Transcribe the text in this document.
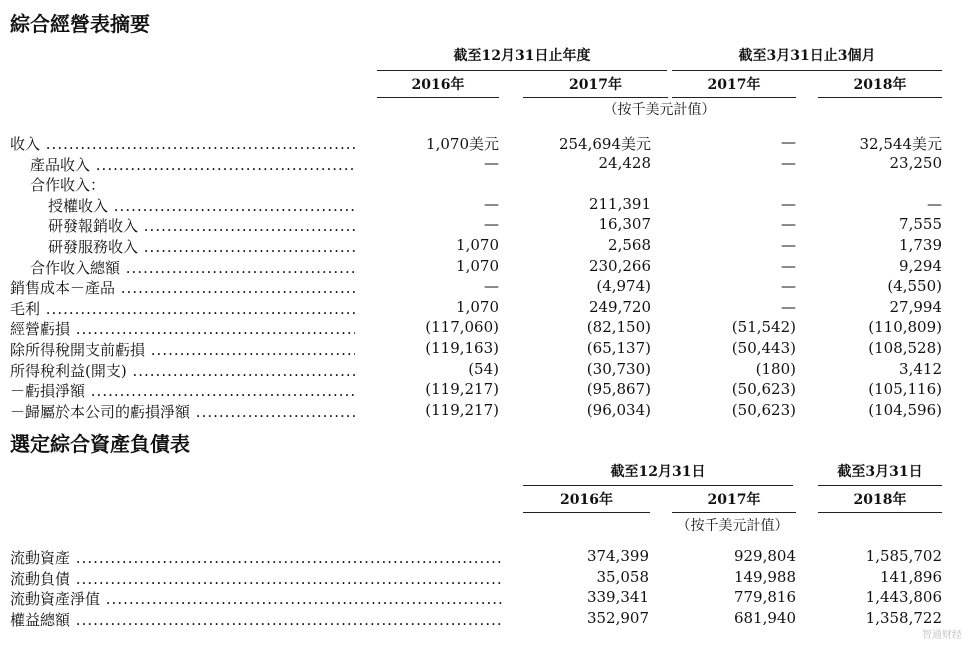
綜合經營表摘要
截至12月31日止年度	截至3月31日止3個月
2016年	2017年	2017年	2018年
（按千美元計值）
收入 .....	1,070美元	254,694美元	—	32,544美元
產品收入 .....	—	24,428	—	23,250
合作收入：
授權收入 .....	—	211,391	—	—
研發報銷收入 .....	—	16,307	—	7,555
研發服務收入 .....	1,070	2,568	—	1,739
合作收入總額 .....	1,070	230,266	—	9,294
銷售成本－產品 .....	—	(4,974)	—	(4,550)
毛利 .....	1,070	249,720	—	27,994
經營虧損 .....	(117,060)	(82,150)	(51,542)	(110,809)
除所得稅開支前虧損 .....	(119,163)	(65,137)	(50,443)	(108,528)
所得稅利益(開支) .....	(54)	(30,730)	(180)	3,412
－虧損淨額 .....	(119,217)	(95,867)	(50,623)	(105,116)
－歸屬於本公司的虧損淨額 .....	(119,217)	(96,034)	(50,623)	(104,596)
選定綜合資產負債表
截至12月31日	截至3月31日
2016年	2017年	2018年
（按千美元計值）
流動資產 .....	374,399	929,804	1,585,702
流動負債 .....	35,058	149,988	141,896
流動資產淨值 .....	339,341	779,816	1,443,806
權益總額 .....	352,907	681,940	1,358,722
智通财经
